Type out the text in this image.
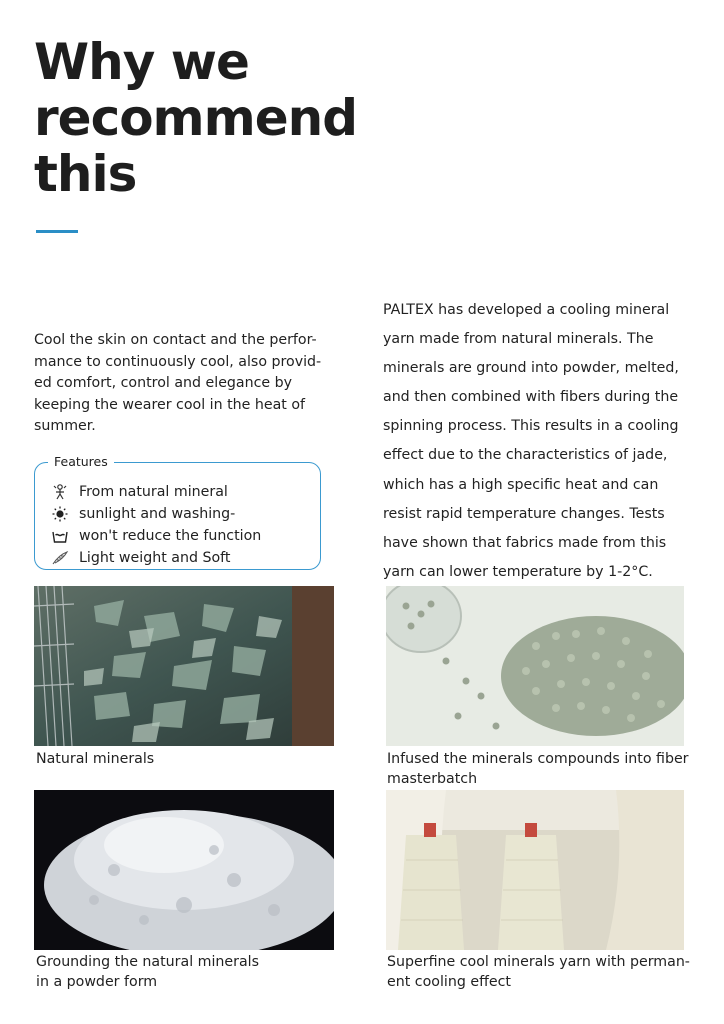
Why we
recommend
this

Cool the skin on contact and the perfor-mance to continuously cool, also provid-ed comfort, control and elegance by keeping the wearer cool in the heat of summer.

Features
From natural mineral
sunlight and washing-
won't reduce the function
Light weight and Soft

PALTEX has developed a cooling mineral yarn made from natural minerals. The minerals are ground into powder, melted, and then combined with fibers during the spinning process. This results in a cooling effect due to the characteristics of jade, which has a high specific heat and can resist rapid temperature changes. Tests have shown that fabrics made from this yarn can lower temperature by 1-2°C.

Natural minerals	Infused the minerals compounds into fiber masterbatch
Grounding the natural minerals in a powder form
Superfine cool minerals yarn with perman-ent cooling effect
